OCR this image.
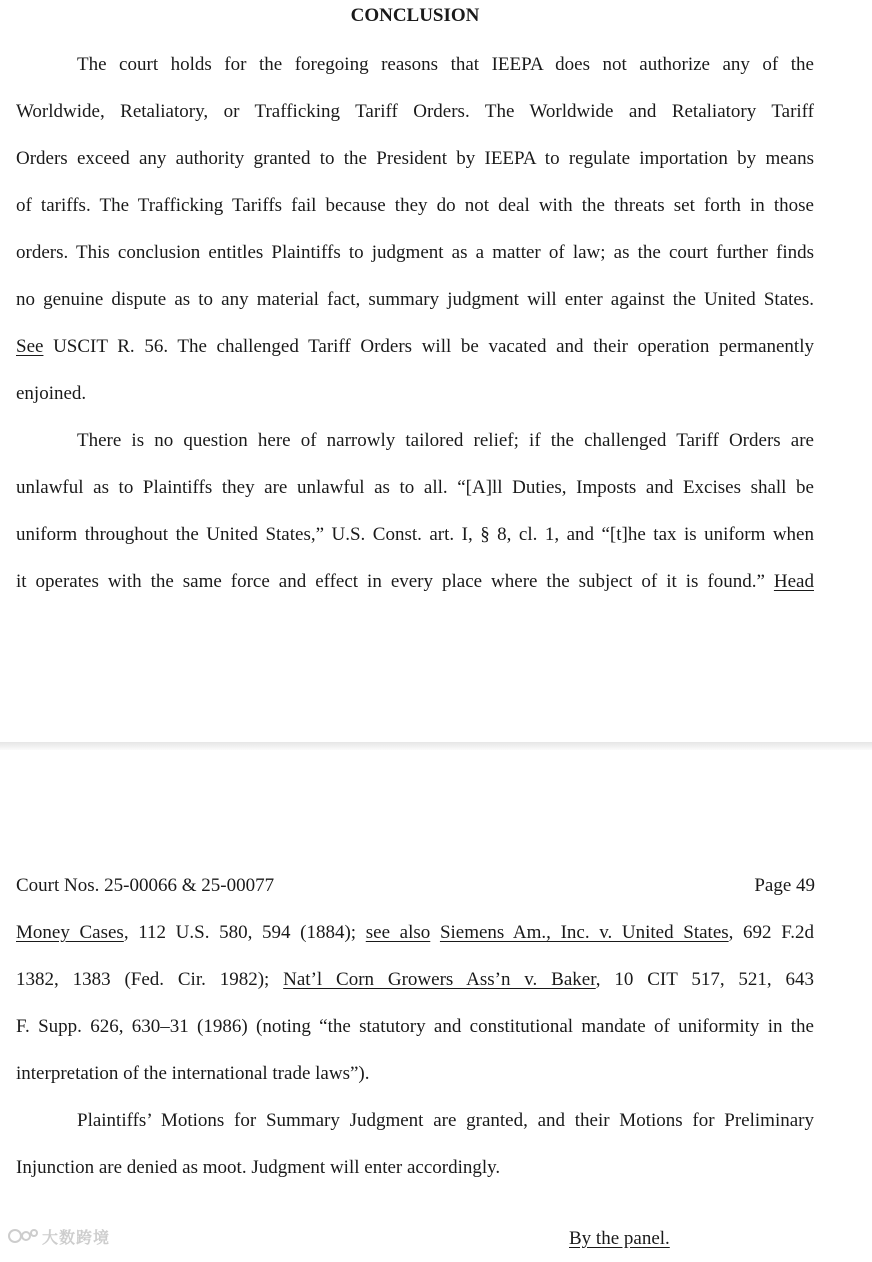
CONCLUSION
The court holds for the foregoing reasons that IEEPA does not authorize any of the
Worldwide, Retaliatory, or Trafficking Tariff Orders. The Worldwide and Retaliatory Tariff
Orders exceed any authority granted to the President by IEEPA to regulate importation by means
of tariffs. The Trafficking Tariffs fail because they do not deal with the threats set forth in those
orders. This conclusion entitles Plaintiffs to judgment as a matter of law; as the court further finds
no genuine dispute as to any material fact, summary judgment will enter against the United States.
See USCIT R. 56. The challenged Tariff Orders will be vacated and their operation permanently
enjoined.
There is no question here of narrowly tailored relief; if the challenged Tariff Orders are
unlawful as to Plaintiffs they are unlawful as to all. “[A]ll Duties, Imposts and Excises shall be
uniform throughout the United States,” U.S. Const. art. I, § 8, cl. 1, and “[t]he tax is uniform when
it operates with the same force and effect in every place where the subject of it is found.” Head
Court Nos. 25-00066 & 25-00077	Page 49
Money Cases, 112 U.S. 580, 594 (1884); see also Siemens Am., Inc. v. United States, 692 F.2d
1382, 1383 (Fed. Cir. 1982); Nat’l Corn Growers Ass’n v. Baker, 10 CIT 517, 521, 643
F. Supp. 626, 630–31 (1986) (noting “the statutory and constitutional mandate of uniformity in the
interpretation of the international trade laws”).
Plaintiffs’ Motions for Summary Judgment are granted, and their Motions for Preliminary
Injunction are denied as moot. Judgment will enter accordingly.
By the panel.
大数跨境
